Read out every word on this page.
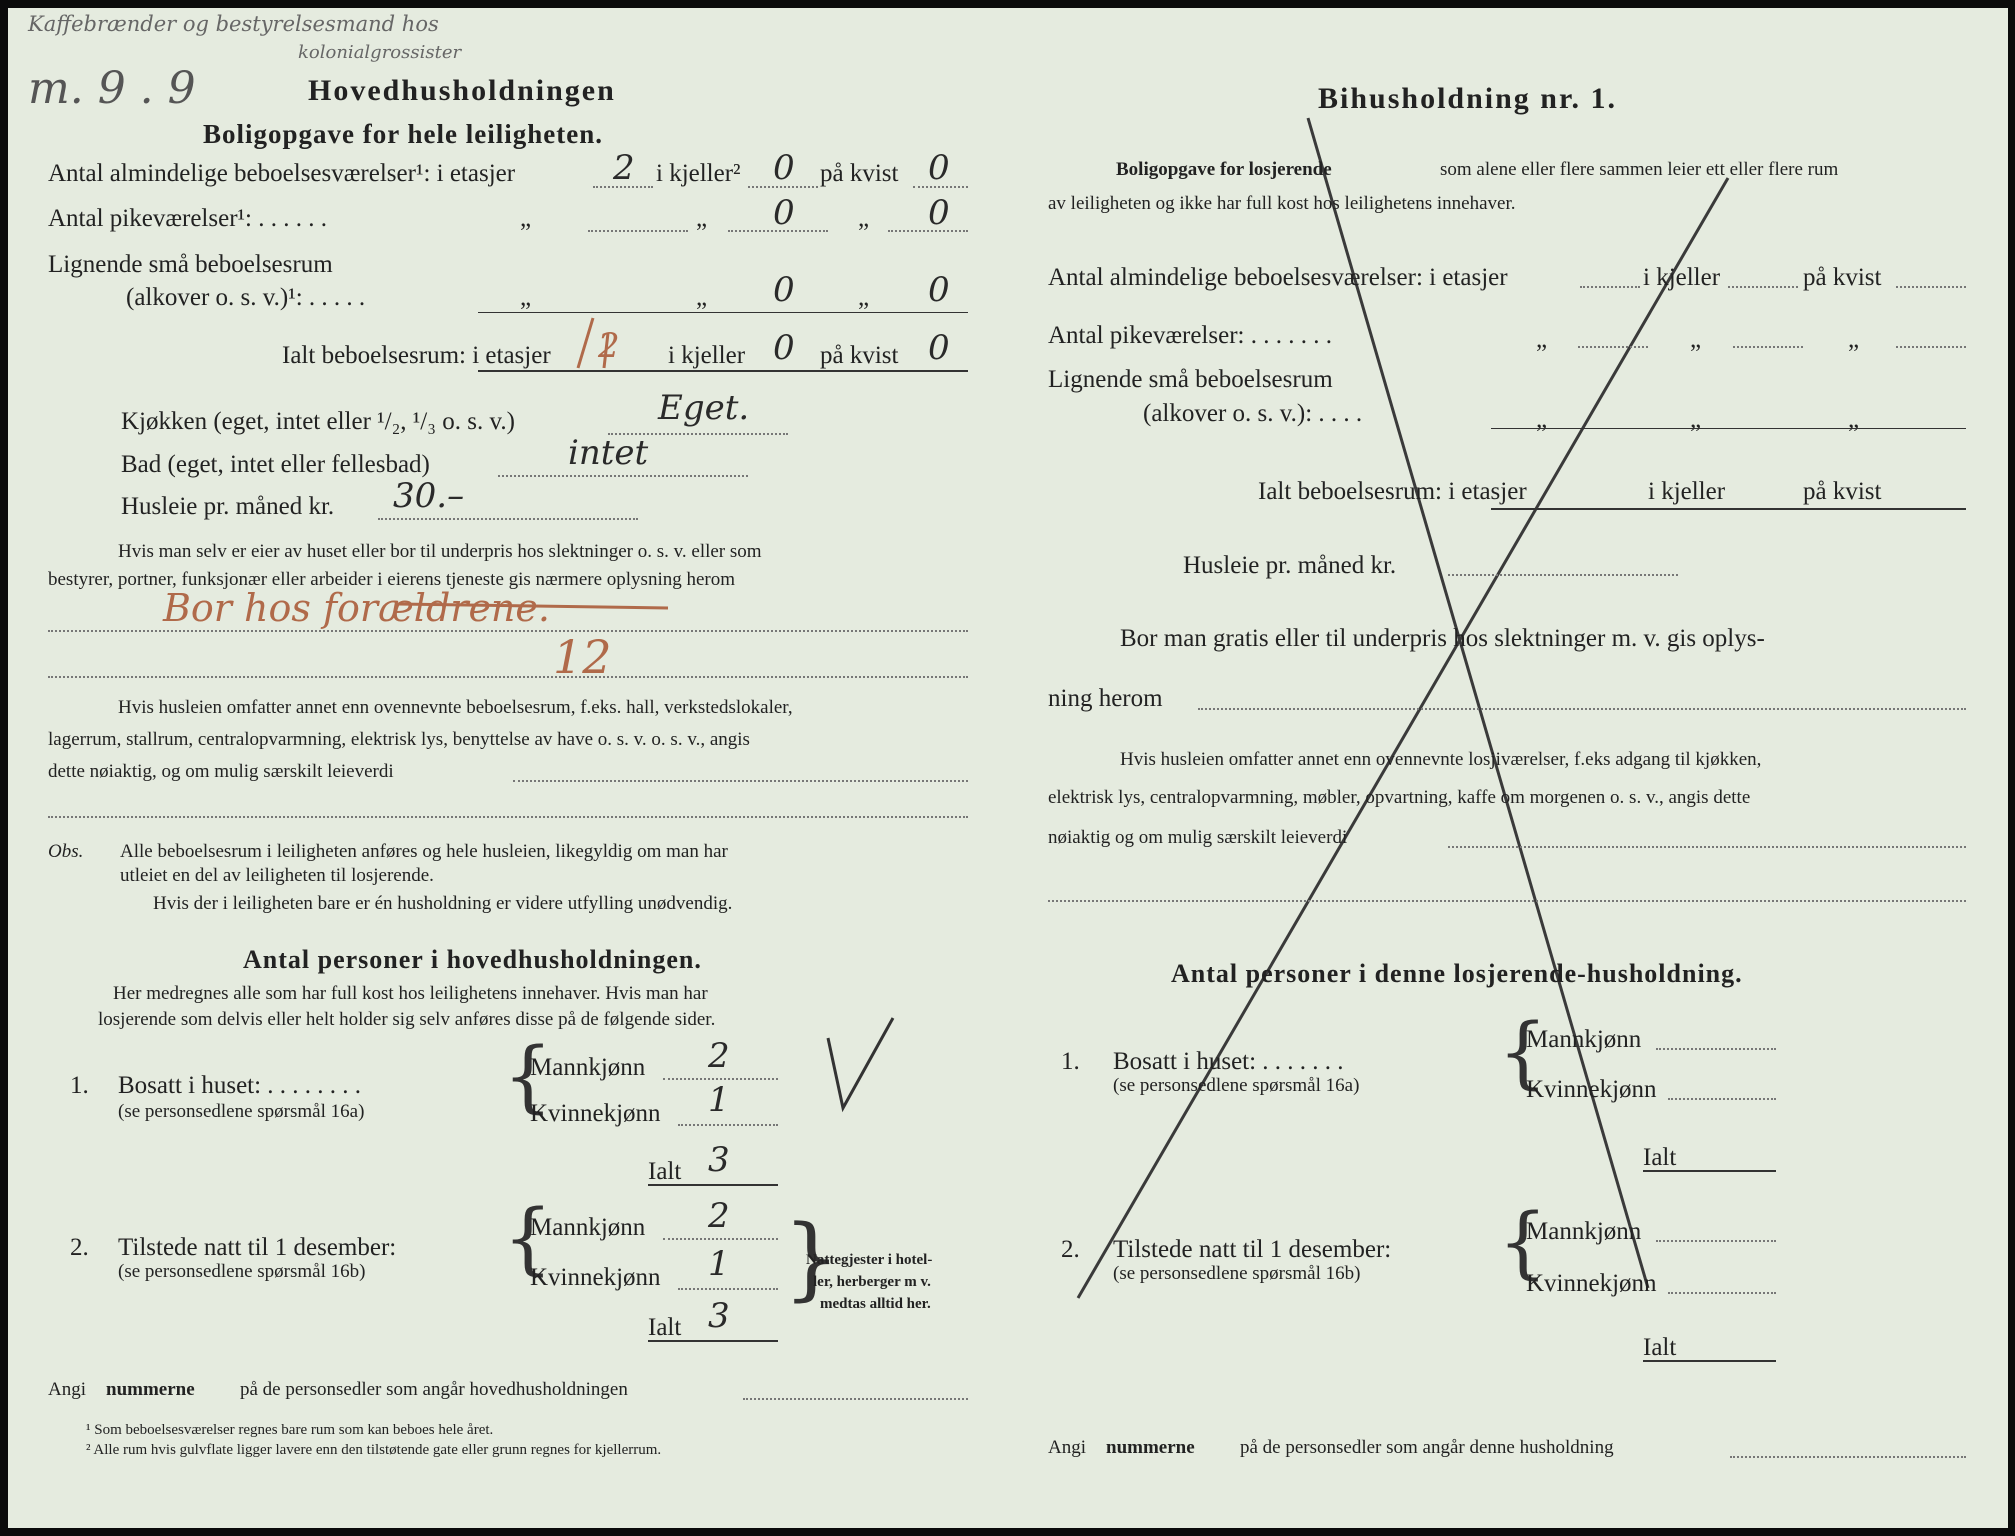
Kaffebrænder og bestyrelsesmand hos
kolonialgrossister
m. 9 . 9	Hovedhusholdningen
Boligopgave for hele leiligheten.
Antal almindelige beboelsesværelser¹: i etasjer	2 i kjeller² 0 på kvist 0
Antal pikeværelser¹: . . . . . .	„	„ 0	„ 0
Lignende små beboelsesrum
(alkover o. s. v.)¹: . . . . .	„	„ 0	„ 0
Ialt beboelsesrum: i etasjer 2 i kjeller 0 på kvist 0
Kjøkken (eget, intet eller ¹/₂, ¹/₃ o. s. v.)	Eget.
Bad (eget, intet eller fellesbad)	intet
Husleie pr. måned kr. 30.–
Hvis man selv er eier av huset eller bor til underpris hos slektninger o. s. v. eller som
bestyrer, portner, funksjonær eller arbeider i eierens tjeneste gis nærmere oplysning herom
Bor hos forældrene.
12
Hvis husleien omfatter annet enn ovennevnte beboelsesrum, f.eks. hall, verkstedslokaler,
lagerrum, stallrum, centralopvarmning, elektrisk lys, benyttelse av have o. s. v. o. s. v., angis
dette nøiaktig, og om mulig særskilt leieverdi
Obs. Alle beboelsesrum i leiligheten anføres og hele husleien, likegyldig om man har
utleiet en del av leiligheten til losjerende.
Hvis der i leiligheten bare er én husholdning er videre utfylling unødvendig.
Antal personer i hovedhusholdningen.
Her medregnes alle som har full kost hos leilighetens innehaver. Hvis man har
losjerende som delvis eller helt holder sig selv anføres disse på de følgende sider.
1. Bosatt i huset: . . . . . . . .
(se personsedlene spørsmål 16a) {
Mannkjønn 2
Kvinnekjønn 1
Ialt 3
2. Tilstede natt til 1 desember:
(se personsedlene spørsmål 16b) {
Mannkjønn 2
Kvinnekjønn 1
Ialt 3
{
Nattegjester i hotel-
ler, herberger m v.
medtas alltid her.
Angi nummerne på de personsedler som angår hovedhusholdningen
¹ Som beboelsesværelser regnes bare rum som kan beboes hele året.
² Alle rum hvis gulvflate ligger lavere enn den tilstøtende gate eller grunn regnes for kjellerrum.
Bihusholdning nr. 1.
Boligopgave for losjerende	som alene eller flere sammen leier ett eller flere rum
av leiligheten og ikke har full kost hos leilighetens innehaver.
Antal almindelige beboelsesværelser: i etasjer	i kjeller	på kvist
Antal pikeværelser: . . . . . . .	„	„	„
Lignende små beboelsesrum
(alkover o. s. v.): . . . .	„	„	„
Ialt beboelsesrum: i etasjer	i kjeller	på kvist
Husleie pr. måned kr.
Bor man gratis eller til underpris hos slektninger m. v. gis oplys-
ning herom
Hvis husleien omfatter annet enn ovennevnte losjiværelser, f.eks adgang til kjøkken,
elektrisk lys, centralopvarmning, møbler, opvartning, kaffe om morgenen o. s. v., angis dette
nøiaktig og om mulig særskilt leieverdi
Antal personer i denne losjerende-husholdning.
1. Bosatt i huset: . . . . . . .
(se personsedlene spørsmål 16a) {
Mannkjønn
Kvinnekjønn
Ialt
2. Tilstede natt til 1 desember:
(se personsedlene spørsmål 16b) {
Mannkjønn
Kvinnekjønn
Ialt
Angi nummerne på de personsedler som angår denne husholdning
